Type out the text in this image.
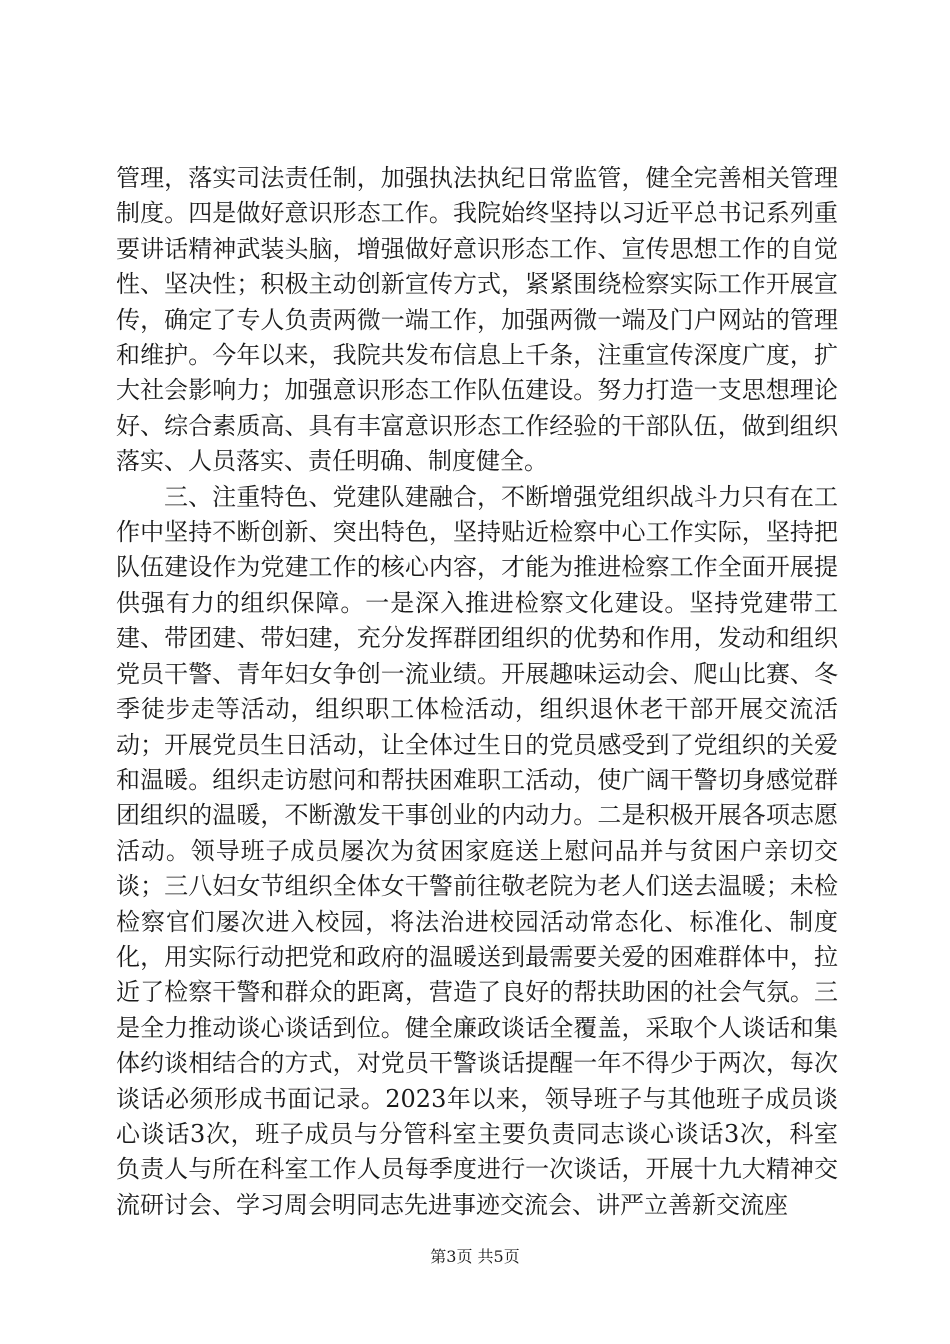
管理，落实司法责任制，加强执法执纪日常监管，健全完善相关管理制度。四是做好意识形态工作。我院始终坚持以习近平总书记系列重要讲话精神武装头脑，增强做好意识形态工作、宣传思想工作的自觉性、坚决性；积极主动创新宣传方式，紧紧围绕检察实际工作开展宣传，确定了专人负责两微一端工作，加强两微一端及门户网站的管理和维护。今年以来，我院共发布信息上千条，注重宣传深度广度，扩大社会影响力；加强意识形态工作队伍建设。努力打造一支思想理论好、综合素质高、具有丰富意识形态工作经验的干部队伍，做到组织落实、人员落实、责任明确、制度健全。

三、注重特色、党建队建融合，不断增强党组织战斗力只有在工作中坚持不断创新、突出特色，坚持贴近检察中心工作实际，坚持把队伍建设作为党建工作的核心内容，才能为推进检察工作全面开展提供强有力的组织保障。一是深入推进检察文化建设。坚持党建带工建、带团建、带妇建，充分发挥群团组织的优势和作用，发动和组织党员干警、青年妇女争创一流业绩。开展趣味运动会、爬山比赛、冬季徒步走等活动，组织职工体检活动，组织退休老干部开展交流活动；开展党员生日活动，让全体过生日的党员感受到了党组织的关爱和温暖。组织走访慰问和帮扶困难职工活动，使广阔干警切身感觉群团组织的温暖，不断激发干事创业的内动力。二是积极开展各项志愿活动。领导班子成员屡次为贫困家庭送上慰问品并与贫困户亲切交谈；三八妇女节组织全体女干警前往敬老院为老人们送去温暖；未检检察官们屡次进入校园，将法治进校园活动常态化、标准化、制度化，用实际行动把党和政府的温暖送到最需要关爱的困难群体中，拉近了检察干警和群众的距离，营造了良好的帮扶助困的社会气氛。三是全力推动谈心谈话到位。健全廉政谈话全覆盖，采取个人谈话和集体约谈相结合的方式，对党员干警谈话提醒一年不得少于两次，每次谈话必须形成书面记录。2023年以来，领导班子与其他班子成员谈心谈话3次，班子成员与分管科室主要负责同志谈心谈话3次，科室负责人与所在科室工作人员每季度进行一次谈话，开展十九大精神交流研讨会、学习周会明同志先进事迹交流会、讲严立善新交流座

第3页 共5页
